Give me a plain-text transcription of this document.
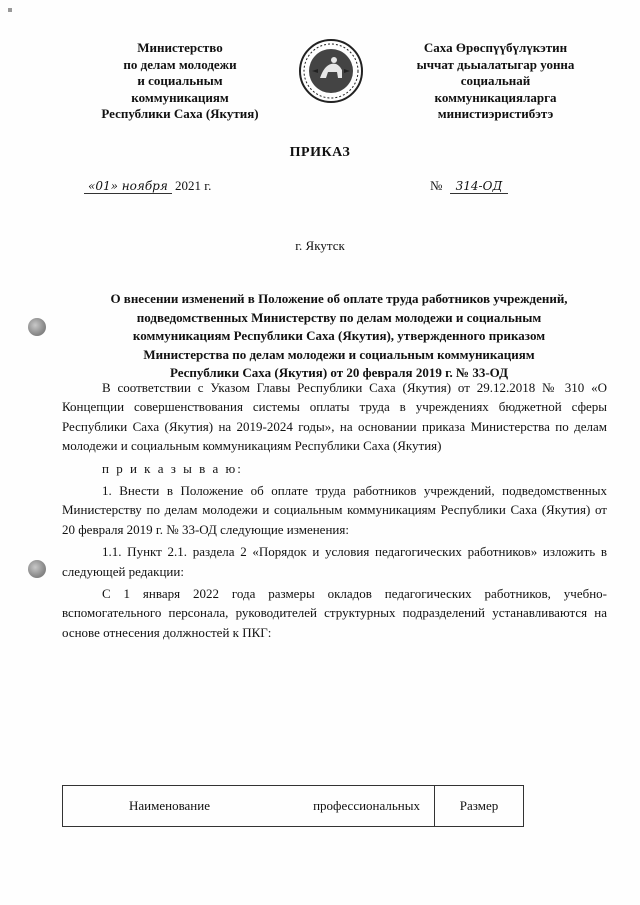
Министерство
по делам молодежи
и социальным
коммуникациям
Республики Саха (Якутия)
Саха Өрөспүүбүлүкэтин
ыччат дьыалатыгар уонна
социальнай
коммуникацияларга
министиэристибэтэ
ПРИКАЗ
«01» ноября 2021 г.	№ 314-ОД
г. Якутск
О внесении изменений в Положение об оплате труда работников учреждений,
подведомственных Министерству по делам молодежи и социальным
коммуникациям Республики Саха (Якутия), утвержденного приказом
Министерства по делам молодежи и социальным коммуникациям
Республики Саха (Якутия) от 20 февраля 2019 г. № 33-ОД

В соответствии с Указом Главы Республики Саха (Якутия) от 29.12.2018 № 310 «О Концепции совершенствования системы оплаты труда в учреждениях бюджетной сферы Республики Саха (Якутия) на 2019-2024 годы», на основании приказа Министерства по делам молодежи и социальным коммуникациям Республики Саха (Якутия)

п р и к а з ы в а ю:

1. Внести в Положение об оплате труда работников учреждений, подведомственных Министерству по делам молодежи и социальным коммуникациям Республики Саха (Якутия) от 20 февраля 2019 г. № 33-ОД следующие изменения:

1.1. Пункт 2.1. раздела 2 «Порядок и условия педагогических работников» изложить в следующей редакции:

С 1 января 2022 года размеры окладов педагогических работников, учебно-вспомогательного персонала, руководителей структурных подразделений устанавливаются на основе отнесения должностей к ПКГ:

Наименование	профессиональных	Размер
